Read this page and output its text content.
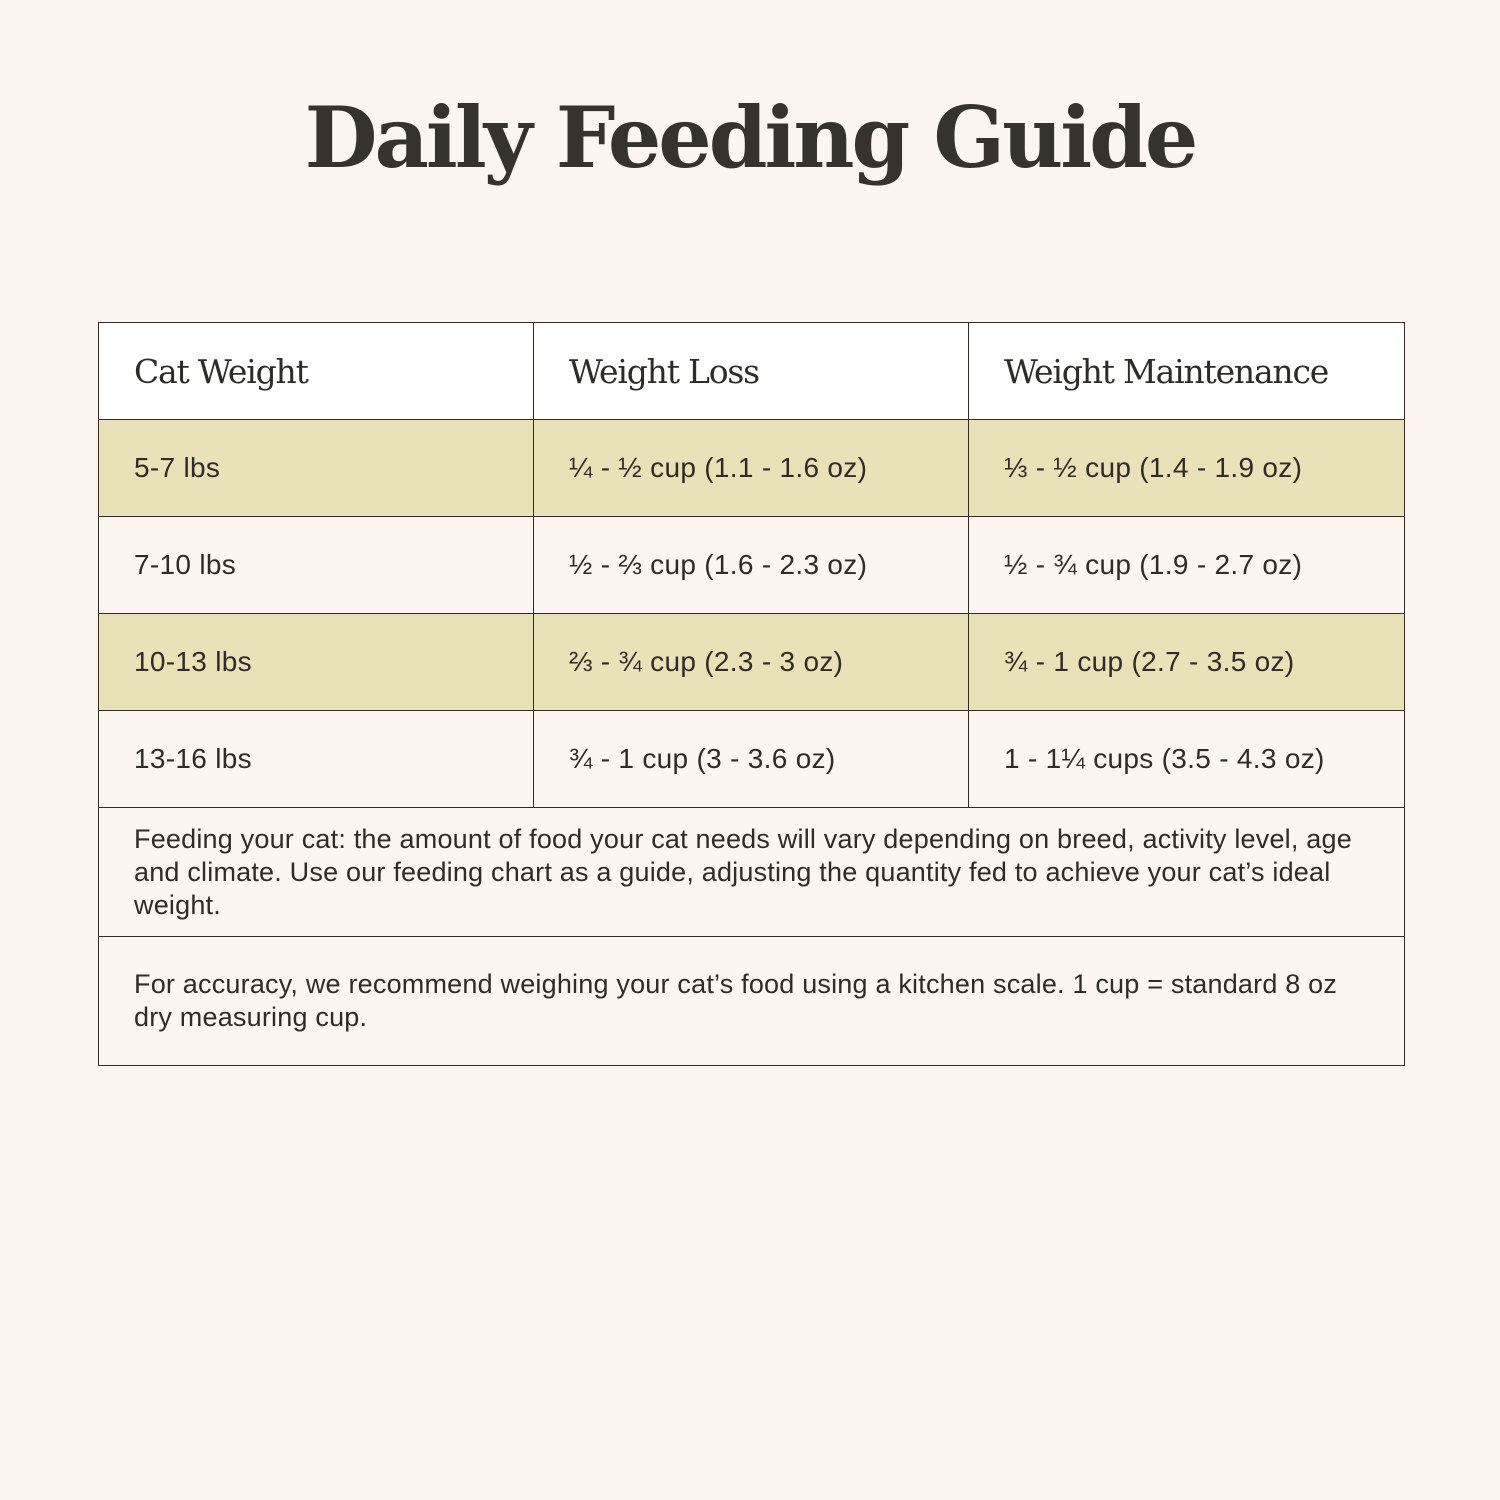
Daily Feeding Guide
Cat Weight	Weight Loss	Weight Maintenance
5-7 lbs	¼ - ½ cup (1.1 - 1.6 oz)	⅓ - ½ cup (1.4 - 1.9 oz)
7-10 lbs	½ - ⅔ cup (1.6 - 2.3 oz)	½ - ¾ cup (1.9 - 2.7 oz)
10-13 lbs	⅔ - ¾ cup (2.3 - 3 oz)	¾ - 1 cup (2.7 - 3.5 oz)
13-16 lbs	¾ - 1 cup (3 - 3.6 oz)	1 - 1¼ cups (3.5 - 4.3 oz)
Feeding your cat: the amount of food your cat needs will vary depending on breed, activity level, age and climate. Use our feeding chart as a guide, adjusting the quantity fed to achieve your cat’s ideal weight.		
For accuracy, we recommend weighing your cat’s food using a kitchen scale. 1 cup = standard 8 oz dry measuring cup.		
